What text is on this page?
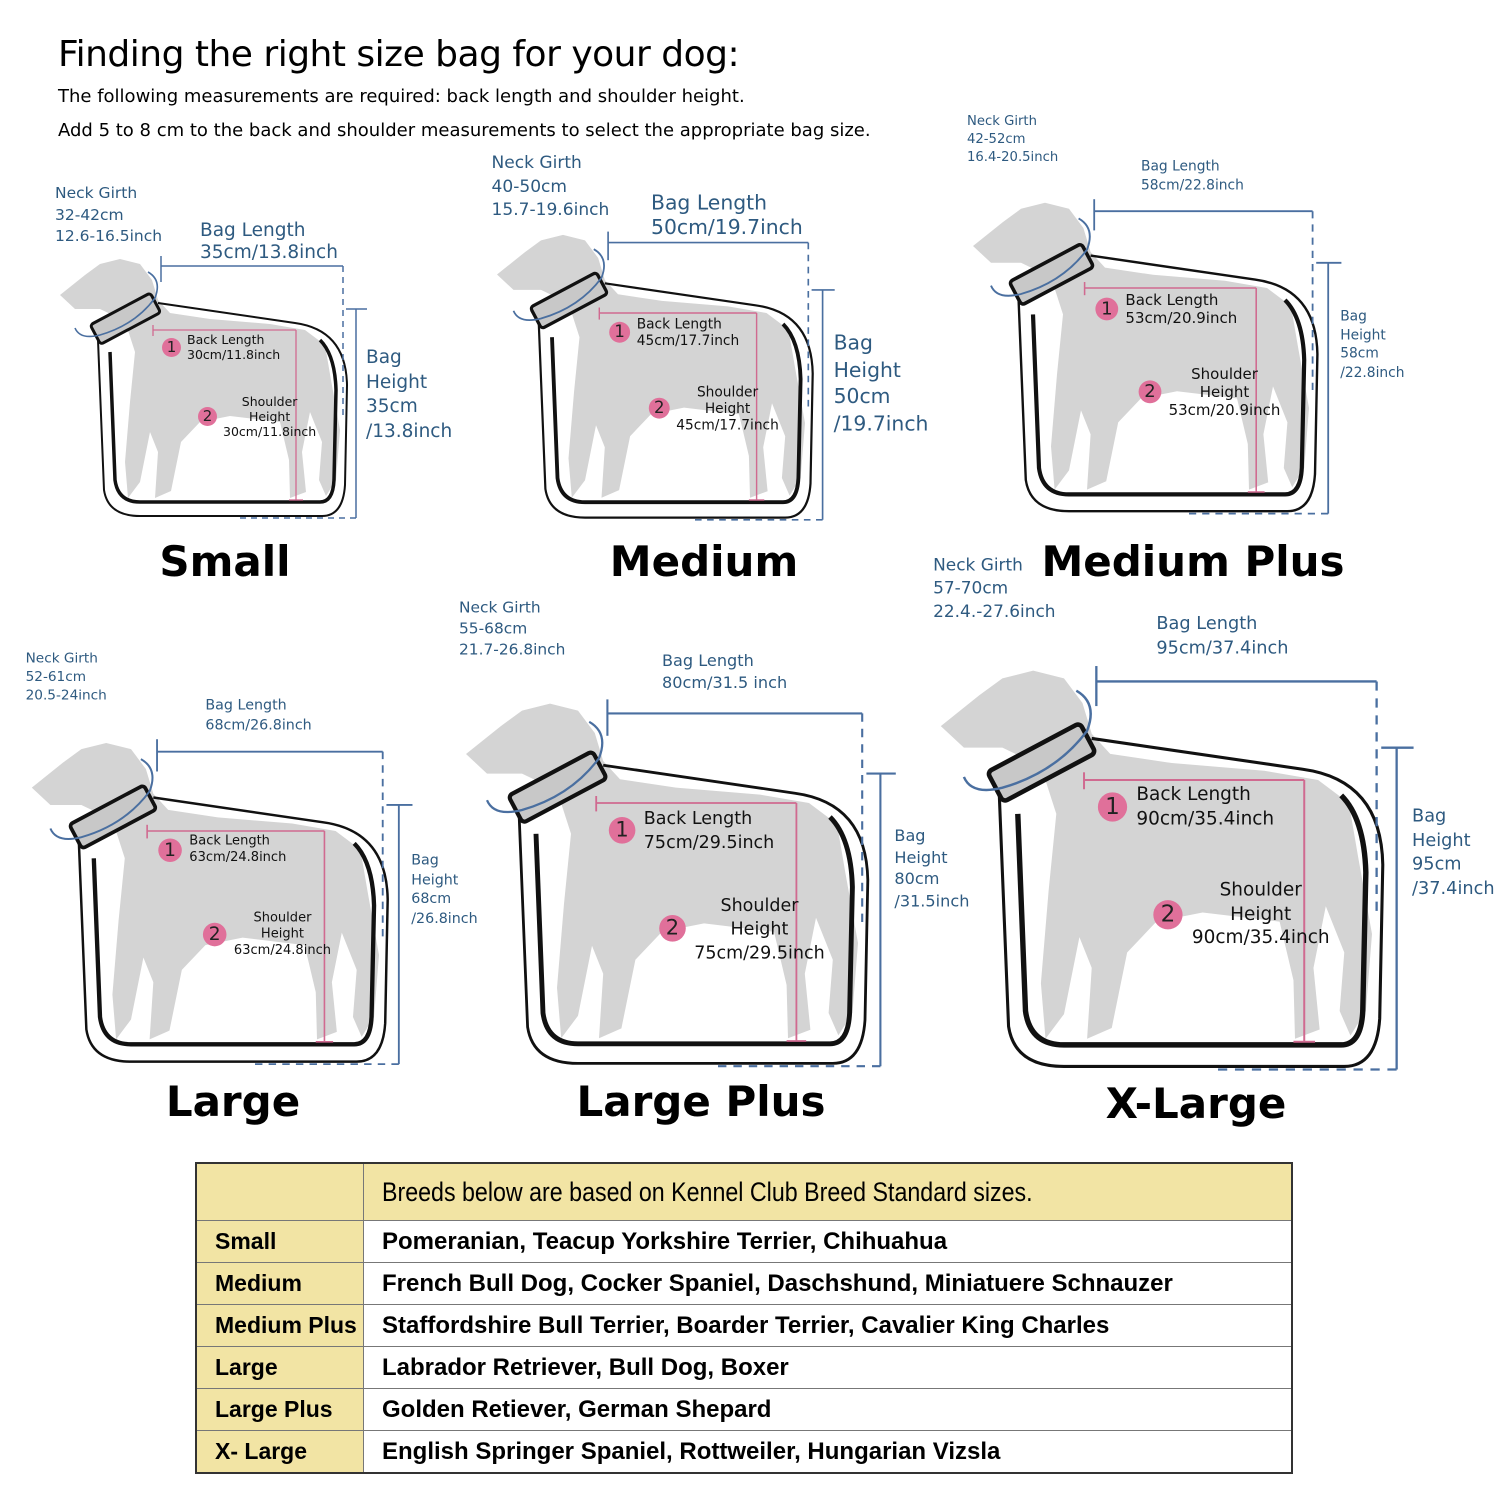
Finding the right size bag for your dog:
The following measurements are required: back length and shoulder height.
Add 5 to 8 cm to the back and shoulder measurements to select the appropriate bag size.
Neck Girth
32-42cm
12.6-16.5inch Bag Length
35cm/13.8inch
Bag
Height
35cm
/13.8inch
1 Back Length
30cm/11.8inch
2
Shoulder
Height
30cm/11.8inch
Neck Girth
40-50cm
15.7-19.6inch Bag Length
50cm/19.7inch
Bag
Height
50cm
/19.7inch
1 Back Length
45cm/17.7inch
2
Shoulder
Height
45cm/17.7inch
Neck Girth
42-52cm
16.4-20.5inch
Bag Length
58cm/22.8inch
Bag
Height
58cm
/22.8inch
1	Back Length
53cm/20.9inch
2
Shoulder
Height
53cm/20.9inch
Neck Girth
52-61cm
20.5-24inch
Bag Length
68cm/26.8inch
Bag
Height
68cm
/26.8inch
1	Back Length
63cm/24.8inch
2
Shoulder
Height
63cm/24.8inch
Neck Girth
55-68cm
21.7-26.8inch
Bag Length
80cm/31.5 inch
Bag
Height
80cm
/31.5inch
1	Back Length
75cm/29.5inch
2
Shoulder
Height
75cm/29.5inch
Neck Girth
57-70cm
22.4.-27.6inch
Bag Length
95cm/37.4inch
Bag
Height
95cm
/37.4inch
1	Back Length
90cm/35.4inch
2
Shoulder
Height
90cm/35.4inch
Small	Medium	Medium Plus
Large	Large Plus	X-Large
	Breeds below are based on Kennel Club Breed Standard sizes.
Small	Pomeranian, Teacup Yorkshire Terrier, Chihuahua
Medium	French Bull Dog, Cocker Spaniel, Daschshund, Miniatuere Schnauzer
Medium Plus	Staffordshire Bull Terrier, Boarder Terrier, Cavalier King Charles
Large	Labrador Retriever, Bull Dog, Boxer
Large Plus	Golden Retiever, German Shepard
X- Large	English Springer Spaniel, Rottweiler, Hungarian Vizsla
